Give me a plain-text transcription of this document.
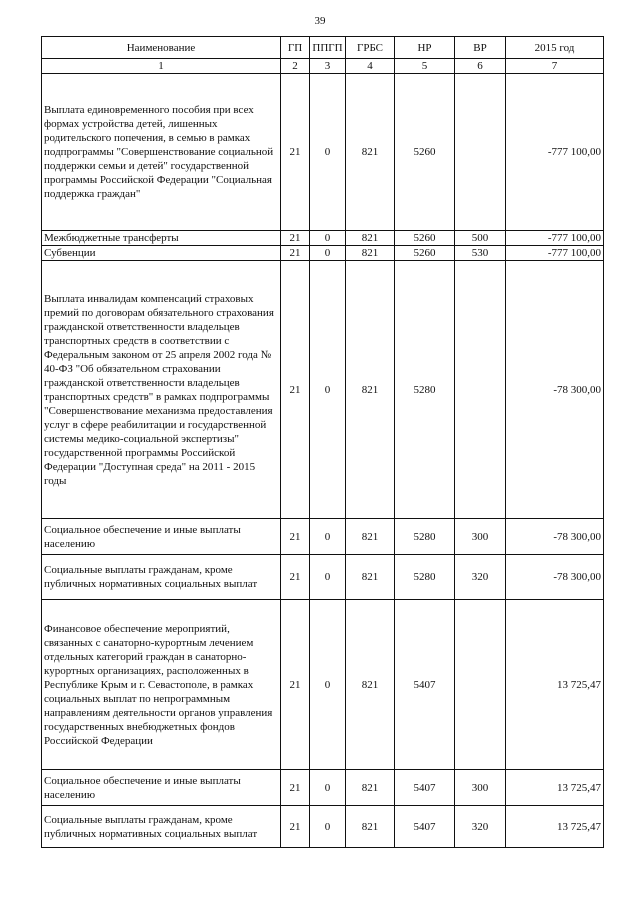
39
Наименование	ГП	ППГП	ГРБС	НР	ВР	2015 год
1	2	3	4	5	6	7
Выплата единовременного пособия при всех формах устройства детей, лишенных родительского попечения, в семью в рамках подпрограммы "Совершенствование социальной поддержки семьи и детей" государственной программы Российской Федерации "Социальная поддержка граждан"	21	0	821	5260		-777 100,00
Межбюджетные трансферты	21	0	821	5260	500	-777 100,00
Субвенции	21	0	821	5260	530	-777 100,00
Выплата инвалидам компенсаций страховых премий по договорам обязательного страхования гражданской ответственности владельцев транспортных средств в соответствии с Федеральным законом от 25 апреля 2002 года № 40-ФЗ "Об обязательном страховании гражданской ответственности владельцев транспортных средств" в рамках подпрограммы "Совершенствование механизма предоставления услуг в сфере реабилитации и государственной системы медико-социальной экспертизы" государственной программы Российской Федерации "Доступная среда" на 2011 - 2015 годы	21	0	821	5280		-78 300,00
Социальное обеспечение и иные выплаты населению	21	0	821	5280	300	-78 300,00
Социальные выплаты гражданам, кроме публичных нормативных социальных выплат	21	0	821	5280	320	-78 300,00
Финансовое обеспечение мероприятий, связанных с санаторно-курортным лечением отдельных категорий граждан в санаторно-курортных организациях, расположенных в Республике Крым и г. Севастополе, в рамках социальных выплат по непрограммным направлениям деятельности органов управления государственных внебюджетных фондов Российской Федерации	21	0	821	5407		13 725,47
Социальное обеспечение и иные выплаты населению	21	0	821	5407	300	13 725,47
Социальные выплаты гражданам, кроме публичных нормативных социальных выплат	21	0	821	5407	320	13 725,47
